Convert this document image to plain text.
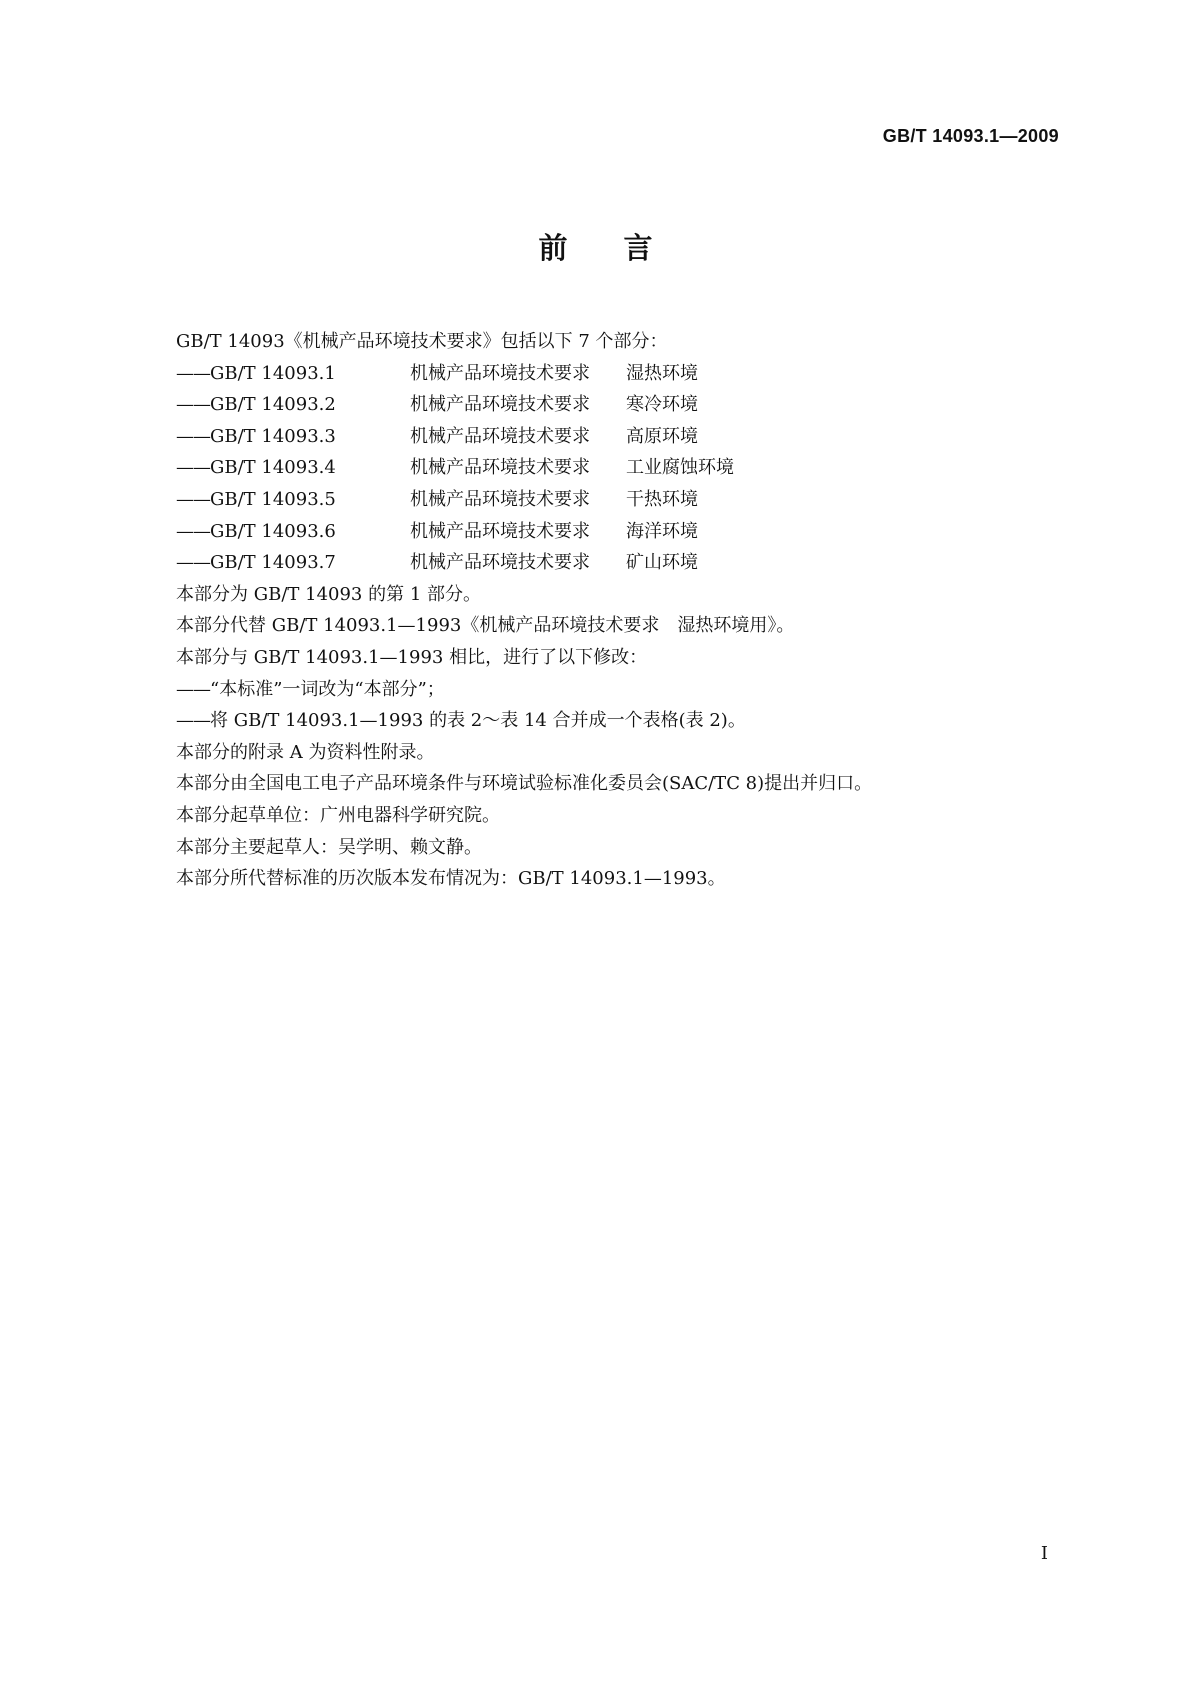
GB/T 14093.1—2009
前言
GB/T 14093《机械产品环境技术要求》包括以下 7 个部分：
——GB/T 14093.1	机械产品环境技术要求 湿热环境
——GB/T 14093.2	机械产品环境技术要求 寒冷环境
——GB/T 14093.3	机械产品环境技术要求 高原环境
——GB/T 14093.4	机械产品环境技术要求 工业腐蚀环境
——GB/T 14093.5	机械产品环境技术要求 干热环境
——GB/T 14093.6	机械产品环境技术要求 海洋环境
——GB/T 14093.7	机械产品环境技术要求 矿山环境
本部分为 GB/T 14093 的第 1 部分。
本部分代替 GB/T 14093.1—1993《机械产品环境技术要求　湿热环境用》。
本部分与 GB/T 14093.1—1993 相比，进行了以下修改：
——“本标准”一词改为“本部分”；
——将 GB/T 14093.1—1993 的表 2～表 14 合并成一个表格(表 2)。
本部分的附录 A 为资料性附录。
本部分由全国电工电子产品环境条件与环境试验标准化委员会(SAC/TC 8)提出并归口。
本部分起草单位：广州电器科学研究院。
本部分主要起草人：吴学明、赖文静。
本部分所代替标准的历次版本发布情况为：GB/T 14093.1—1993。
I
